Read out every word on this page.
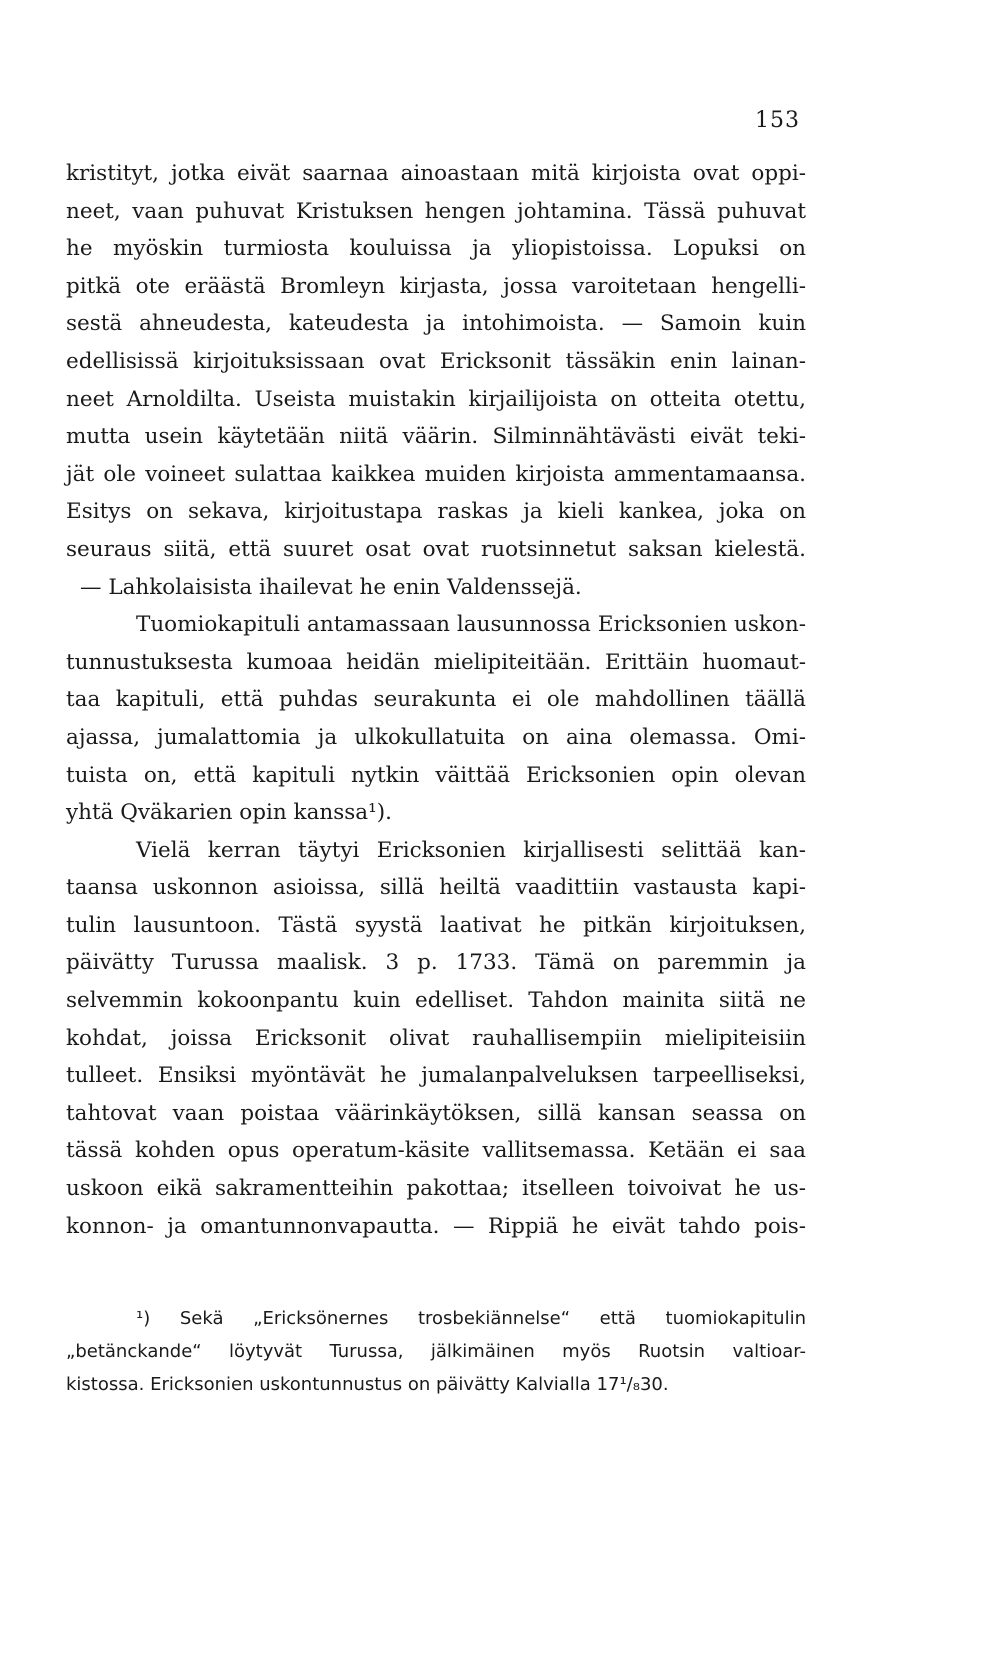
153
kristityt, jotka eivät saarnaa ainoastaan mitä kirjoista ovat oppi-
neet, vaan puhuvat Kristuksen hengen johtamina. Tässä puhuvat
he myöskin turmiosta kouluissa ja yliopistoissa. Lopuksi on
pitkä ote eräästä Bromleyn kirjasta, jossa varoitetaan hengelli-
sestä ahneudesta, kateudesta ja intohimoista. — Samoin kuin
edellisissä kirjoituksissaan ovat Ericksonit tässäkin enin lainan-
neet Arnoldilta. Useista muistakin kirjailijoista on otteita otettu,
mutta usein käytetään niitä väärin. Silminnähtävästi eivät teki-
jät ole voineet sulattaa kaikkea muiden kirjoista ammentamaansa.
Esitys on sekava, kirjoitustapa raskas ja kieli kankea, joka on
seuraus siitä, että suuret osat ovat ruotsinnetut saksan kielestä.
— Lahkolaisista ihailevat he enin Valdenssejä.
Tuomiokapituli antamassaan lausunnossa Ericksonien uskon-
tunnustuksesta kumoaa heidän mielipiteitään. Erittäin huomaut-
taa kapituli, että puhdas seurakunta ei ole mahdollinen täällä
ajassa, jumalattomia ja ulkokullatuita on aina olemassa. Omi-
tuista on, että kapituli nytkin väittää Ericksonien opin olevan
yhtä Qväkarien opin kanssa¹).
Vielä kerran täytyi Ericksonien kirjallisesti selittää kan-
taansa uskonnon asioissa, sillä heiltä vaadittiin vastausta kapi-
tulin lausuntoon. Tästä syystä laativat he pitkän kirjoituksen,
päivätty Turussa maalisk. 3 p. 1733. Tämä on paremmin ja
selvemmin kokoonpantu kuin edelliset. Tahdon mainita siitä ne
kohdat, joissa Ericksonit olivat rauhallisempiin mielipiteisiin
tulleet. Ensiksi myöntävät he jumalanpalveluksen tarpeelliseksi,
tahtovat vaan poistaa väärinkäytöksen, sillä kansan seassa on
tässä kohden opus operatum-käsite vallitsemassa. Ketään ei saa
uskoon eikä sakramentteihin pakottaa; itselleen toivoivat he us-
konnon- ja omantunnonvapautta. — Rippiä he eivät tahdo pois-
¹) Sekä „Ericksönernes trosbekiännelse“ että tuomiokapitulin
„betänckande“ löytyvät Turussa, jälkimäinen myös Ruotsin valtioar-
kistossa. Ericksonien uskontunnustus on päivätty Kalvialla 17¹/₈30.
